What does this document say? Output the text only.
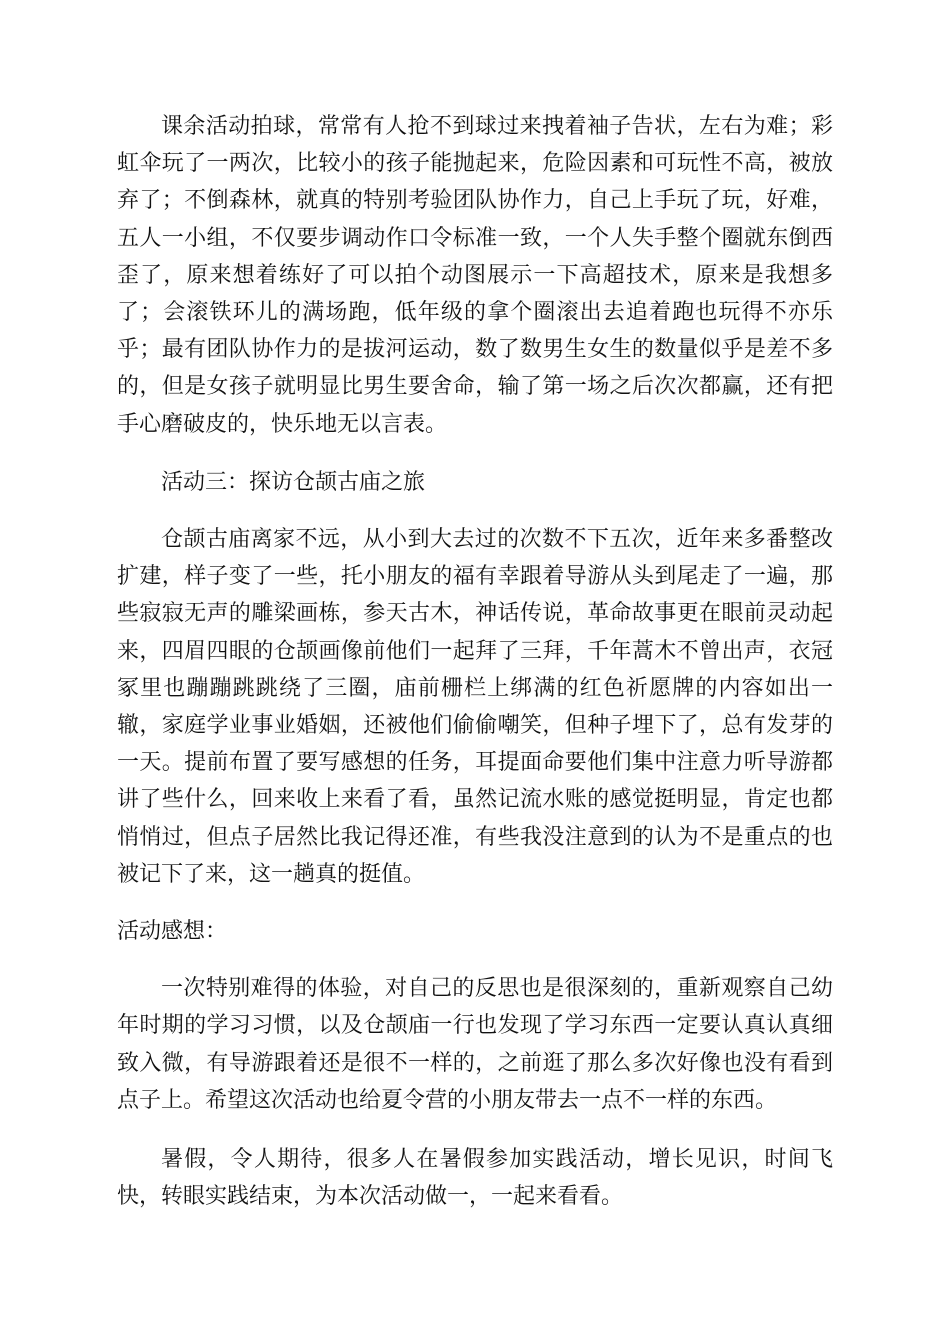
课余活动拍球，常常有人抢不到球过来拽着袖子告状，左右为难；彩虹伞玩了一两次，比较小的孩子能抛起来，危险因素和可玩性不高，被放弃了；不倒森林，就真的特别考验团队协作力，自己上手玩了玩，好难，五人一小组，不仅要步调动作口令标准一致，一个人失手整个圈就东倒西歪了，原来想着练好了可以拍个动图展示一下高超技术，原来是我想多了；会滚铁环儿的满场跑，低年级的拿个圈滚出去追着跑也玩得不亦乐乎；最有团队协作力的是拔河运动，数了数男生女生的数量似乎是差不多的，但是女孩子就明显比男生要舍命，输了第一场之后次次都赢，还有把手心磨破皮的，快乐地无以言表。

活动三：探访仓颉古庙之旅

仓颉古庙离家不远，从小到大去过的次数不下五次，近年来多番整改扩建，样子变了一些，托小朋友的福有幸跟着导游从头到尾走了一遍，那些寂寂无声的雕梁画栋，参天古木，神话传说，革命故事更在眼前灵动起来，四眉四眼的仓颉画像前他们一起拜了三拜，千年蒿木不曾出声，衣冠冢里也蹦蹦跳跳绕了三圈，庙前栅栏上绑满的红色祈愿牌的内容如出一辙，家庭学业事业婚姻，还被他们偷偷嘲笑，但种子埋下了，总有发芽的一天。提前布置了要写感想的任务，耳提面命要他们集中注意力听导游都讲了些什么，回来收上来看了看，虽然记流水账的感觉挺明显，肯定也都悄悄过，但点子居然比我记得还准，有些我没注意到的认为不是重点的也被记下了来，这一趟真的挺值。

活动感想：

一次特别难得的体验，对自己的反思也是很深刻的，重新观察自己幼年时期的学习习惯，以及仓颉庙一行也发现了学习东西一定要认真认真细致入微，有导游跟着还是很不一样的，之前逛了那么多次好像也没有看到点子上。希望这次活动也给夏令营的小朋友带去一点不一样的东西。

暑假，令人期待，很多人在暑假参加实践活动，增长见识，时间飞快，转眼实践结束，为本次活动做一，一起来看看。
